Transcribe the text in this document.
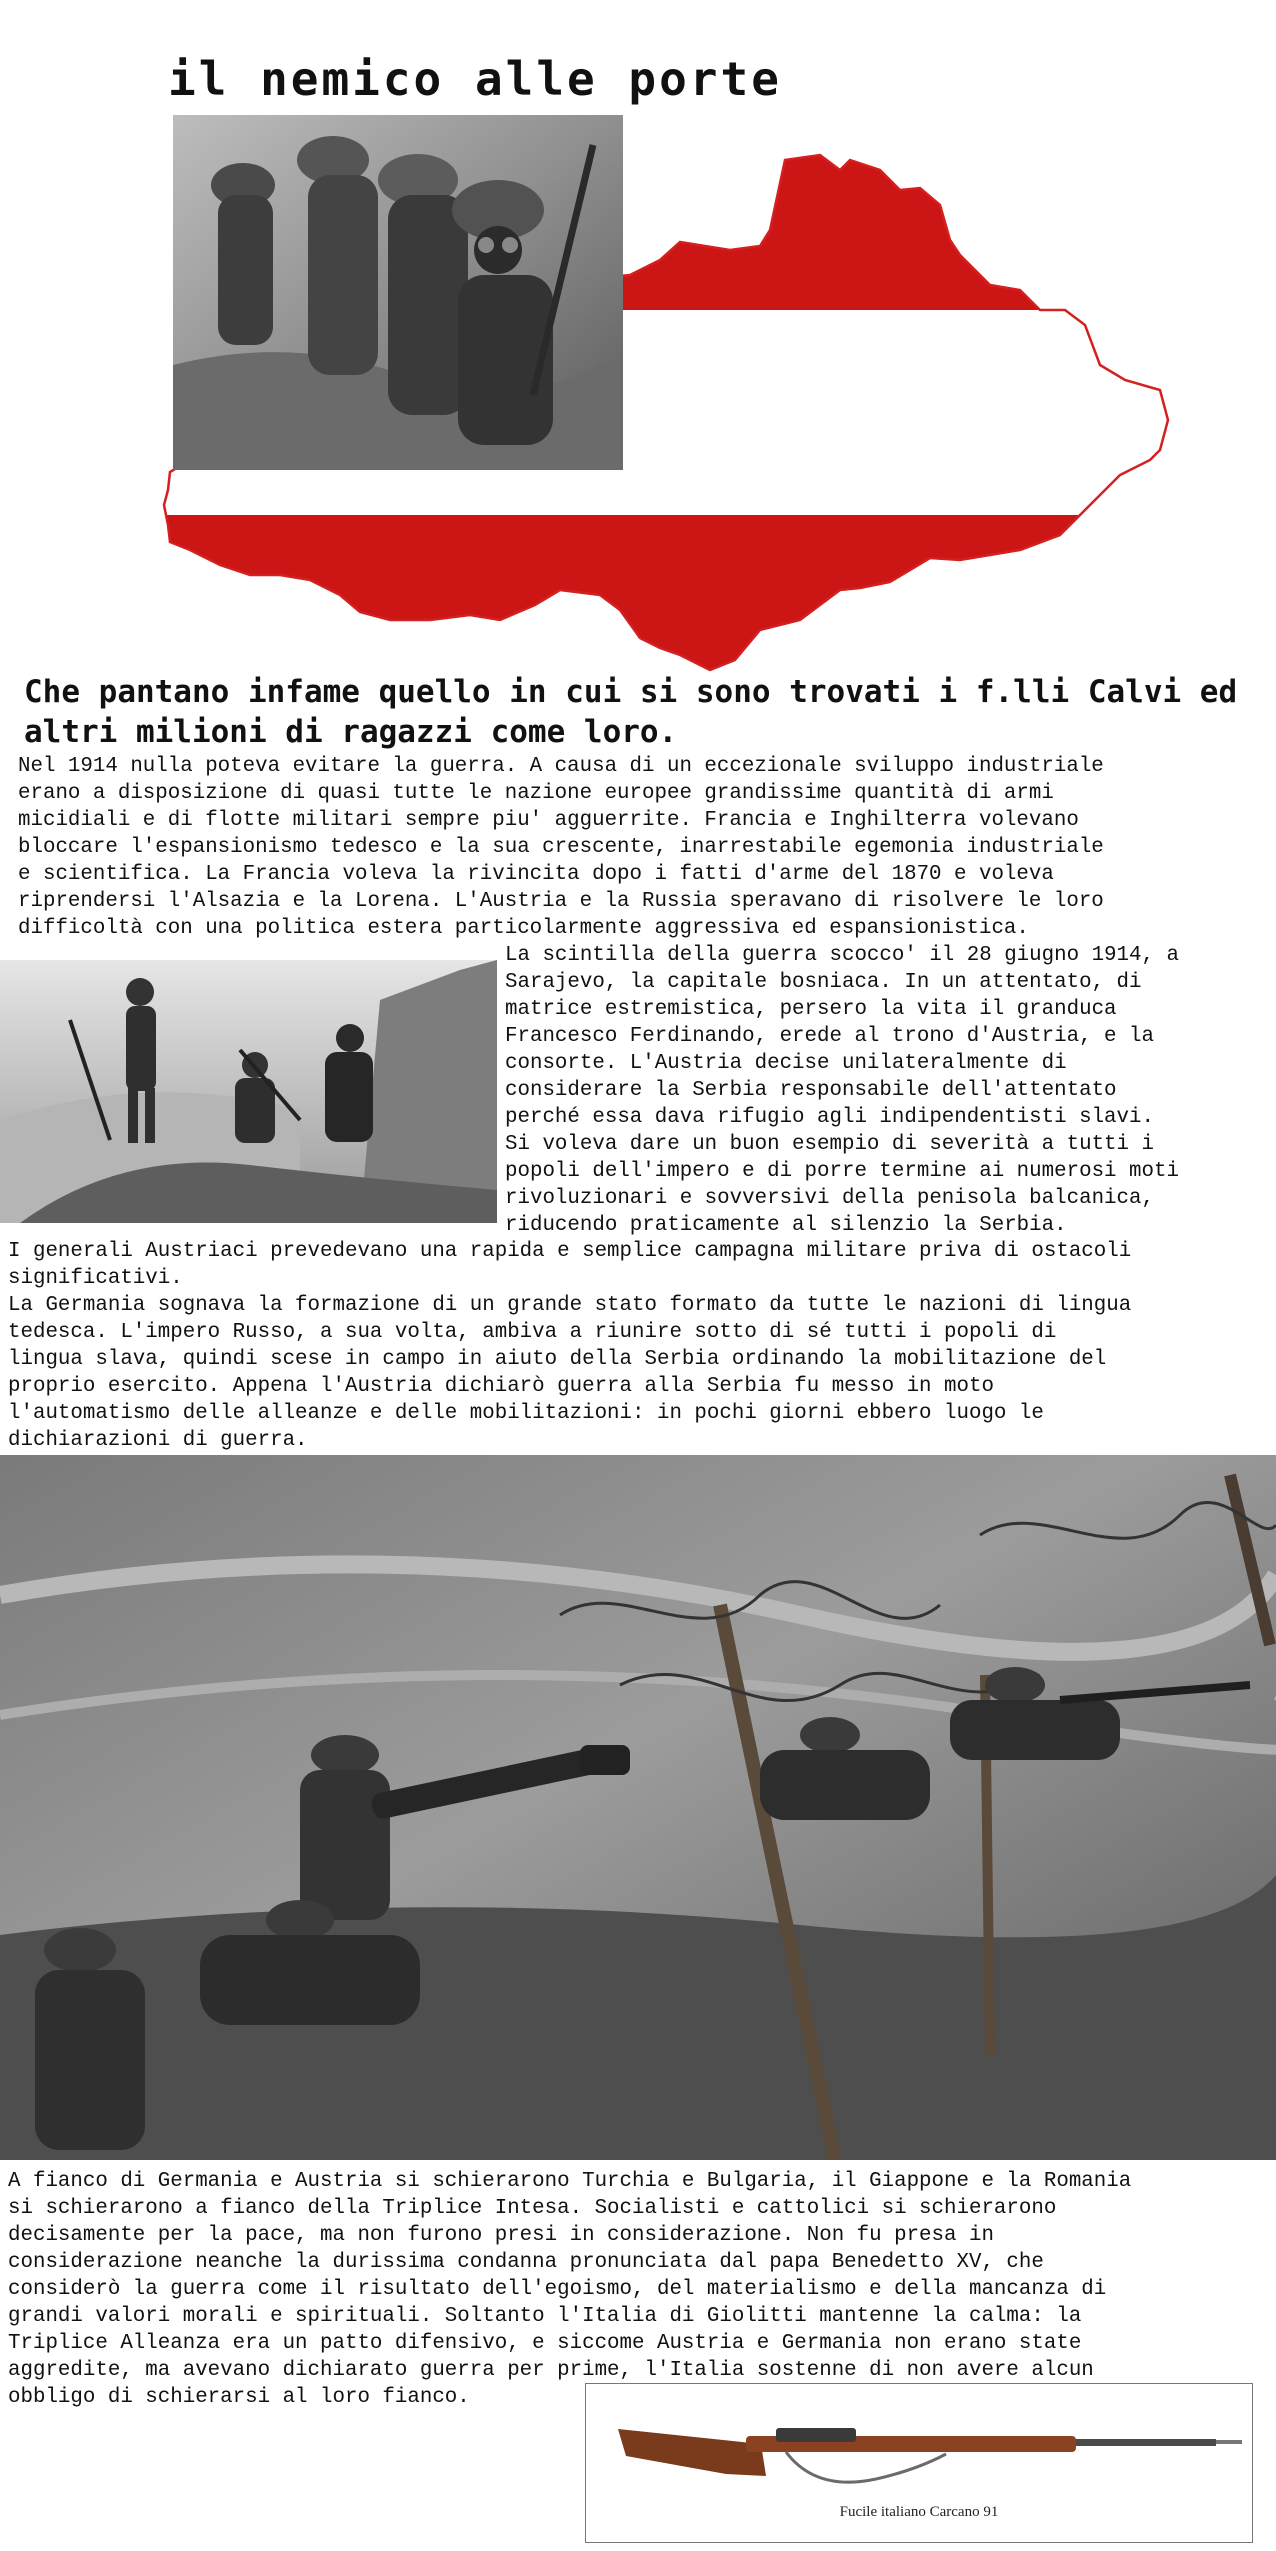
il nemico alle porte
Che pantano infame quello in cui si sono trovati i f.lli Calvi ed altri milioni di ragazzi come loro.

Nel 1914 nulla poteva evitare la guerra. A causa di un eccezionale sviluppo industriale
erano a disposizione di quasi tutte le nazione europee grandissime quantità di armi
micidiali e di flotte militari sempre piu' agguerrite. Francia e Inghilterra volevano
bloccare l'espansionismo tedesco e la sua crescente, inarrestabile egemonia industriale
e scientifica. La Francia voleva la rivincita dopo i fatti d'arme del 1870 e voleva
riprendersi l'Alsazia e la Lorena. L'Austria e la Russia speravano di risolvere le loro
difficoltà con una politica estera particolarmente aggressiva ed espansionistica.

La scintilla della guerra scocco' il 28 giugno 1914, a
Sarajevo, la capitale bosniaca. In un attentato, di
matrice estremistica, persero la vita il granduca
Francesco Ferdinando, erede al trono d'Austria, e la
consorte. L'Austria decise unilateralmente di
considerare la Serbia responsabile dell'attentato
perché essa dava rifugio agli indipendentisti slavi.
Si voleva dare un buon esempio di severità a tutti i
popoli dell'impero e di porre termine ai numerosi moti
rivoluzionari e sovversivi della penisola balcanica,
riducendo praticamente al silenzio la Serbia.

I generali Austriaci prevedevano una rapida e semplice campagna militare priva di ostacoli
significativi.
La Germania sognava la formazione di un grande stato formato da tutte le nazioni di lingua
tedesca. L'impero Russo, a sua volta, ambiva a riunire sotto di sé tutti i popoli di
lingua slava, quindi scese in campo in aiuto della Serbia ordinando la mobilitazione del
proprio esercito. Appena l'Austria dichiarò guerra alla Serbia fu messo in moto
l'automatismo delle alleanze e delle mobilitazioni: in pochi giorni ebbero luogo le
dichiarazioni di guerra.

A fianco di Germania e Austria si schierarono Turchia e Bulgaria, il Giappone e la Romania
si schierarono a fianco della Triplice Intesa. Socialisti e cattolici si schierarono
decisamente per la pace, ma non furono presi in considerazione. Non fu presa in
considerazione neanche la durissima condanna pronunciata dal papa Benedetto XV, che
considerò la guerra come il risultato dell'egoismo, del materialismo e della mancanza di
grandi valori morali e spirituali. Soltanto l'Italia di Giolitti mantenne la calma: la
Triplice Alleanza era un patto difensivo, e siccome Austria e Germania non erano state
aggredite, ma avevano dichiarato guerra per prime, l'Italia sostenne di non avere alcun
obbligo di schierarsi al loro fianco.

Fucile italiano Carcano 91
